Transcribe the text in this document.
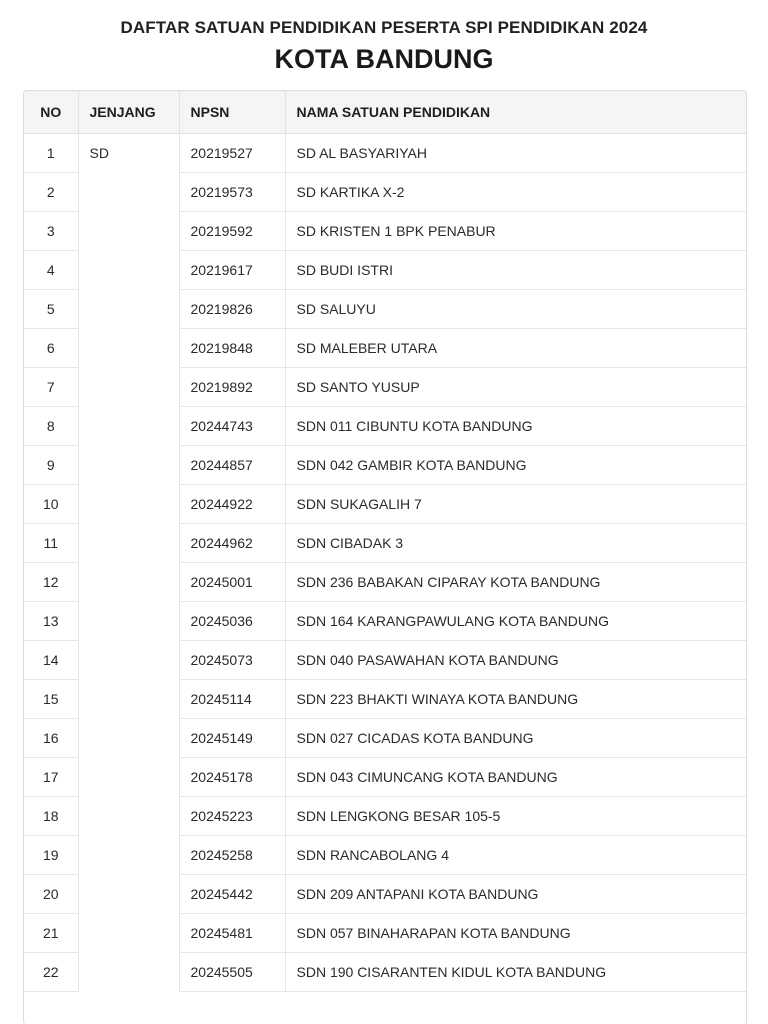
DAFTAR SATUAN PENDIDIKAN PESERTA SPI PENDIDIKAN 2024
KOTA BANDUNG
NO	JENJANG	NPSN	NAMA SATUAN PENDIDIKAN
1	SD	20219527	SD AL BASYARIYAH
2		20219573	SD KARTIKA X-2
3		20219592	SD KRISTEN 1 BPK PENABUR
4		20219617	SD BUDI ISTRI
5		20219826	SD SALUYU
6		20219848	SD MALEBER UTARA
7		20219892	SD SANTO YUSUP
8		20244743	SDN 011 CIBUNTU KOTA BANDUNG
9		20244857	SDN 042 GAMBIR KOTA BANDUNG
10		20244922	SDN SUKAGALIH 7
11		20244962	SDN CIBADAK 3
12		20245001	SDN 236 BABAKAN CIPARAY KOTA BANDUNG
13		20245036	SDN 164 KARANGPAWULANG KOTA BANDUNG
14		20245073	SDN 040 PASAWAHAN KOTA BANDUNG
15		20245114	SDN 223 BHAKTI WINAYA KOTA BANDUNG
16		20245149	SDN 027 CICADAS KOTA BANDUNG
17		20245178	SDN 043 CIMUNCANG KOTA BANDUNG
18		20245223	SDN LENGKONG BESAR 105-5
19		20245258	SDN RANCABOLANG 4
20		20245442	SDN 209 ANTAPANI KOTA BANDUNG
21		20245481	SDN 057 BINAHARAPAN KOTA BANDUNG
22		20245505	SDN 190 CISARANTEN KIDUL KOTA BANDUNG
